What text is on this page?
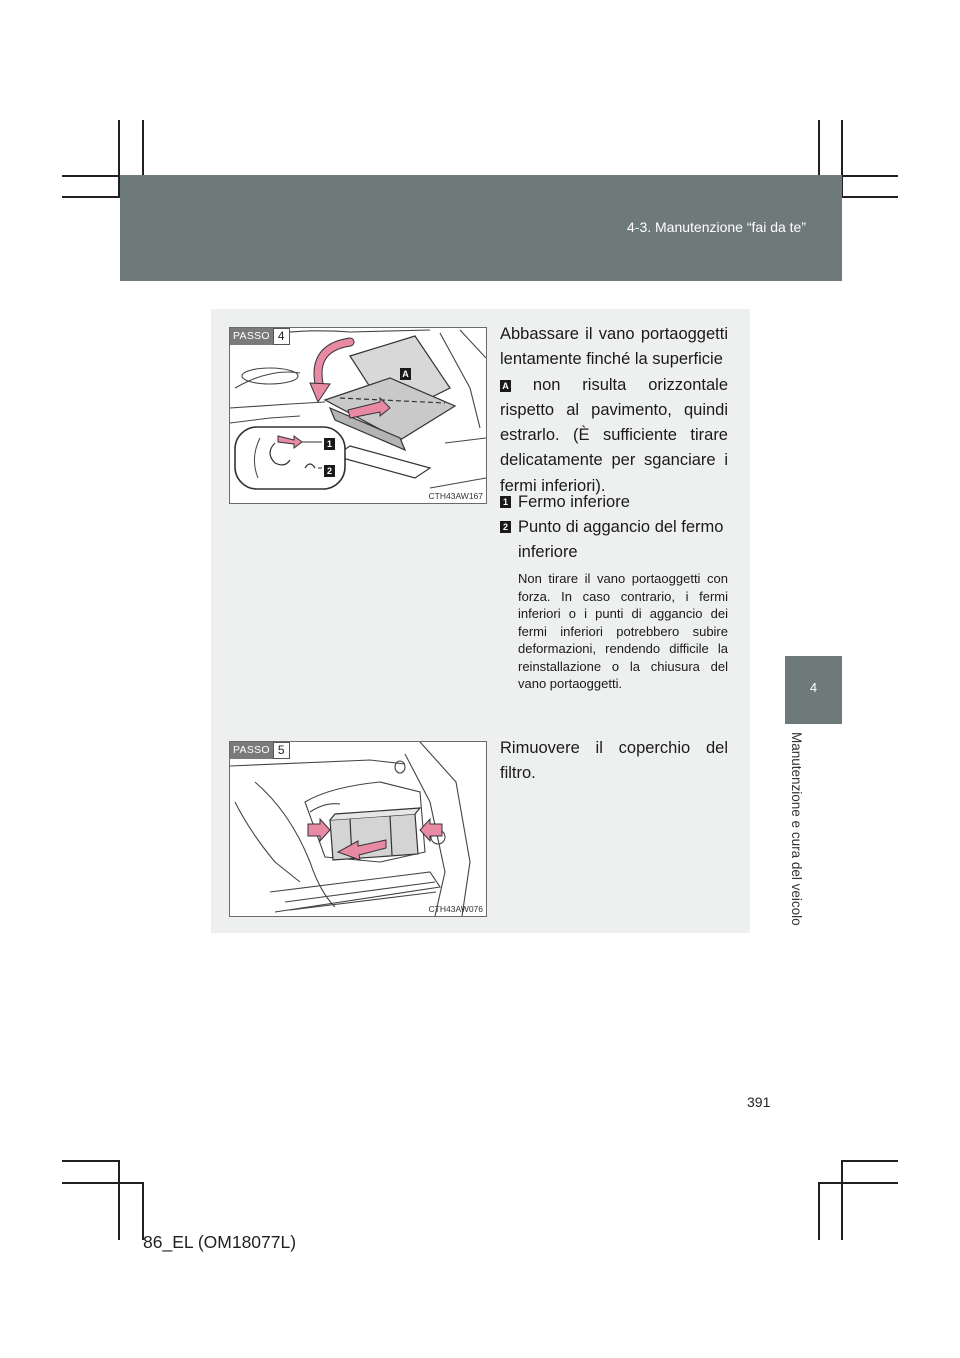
4-3. Manutenzione “fai da te”
4
Manutenzione e cura del veicolo
A
1
2
PASSO 4
CTH43AW167
Abbassare il vano portaoggetti lentamente finché la superficie
A non risulta orizzontale rispetto al pavimento, quindi estrarlo. (È sufficiente tirare delicatamente per sganciare i fermi inferiori).
1 Fermo inferiore
2 Punto di aggancio del fermo inferiore
Non tirare il vano portaoggetti con forza. In caso contrario, i fermi inferiori o i punti di aggancio dei fermi inferiori potrebbero subire deformazioni, rendendo difficile la reinstallazione o la chiusura del vano portaoggetti.
PASSO 5
CTH43AW076
Rimuovere il coperchio del filtro.
391
86_EL (OM18077L)
